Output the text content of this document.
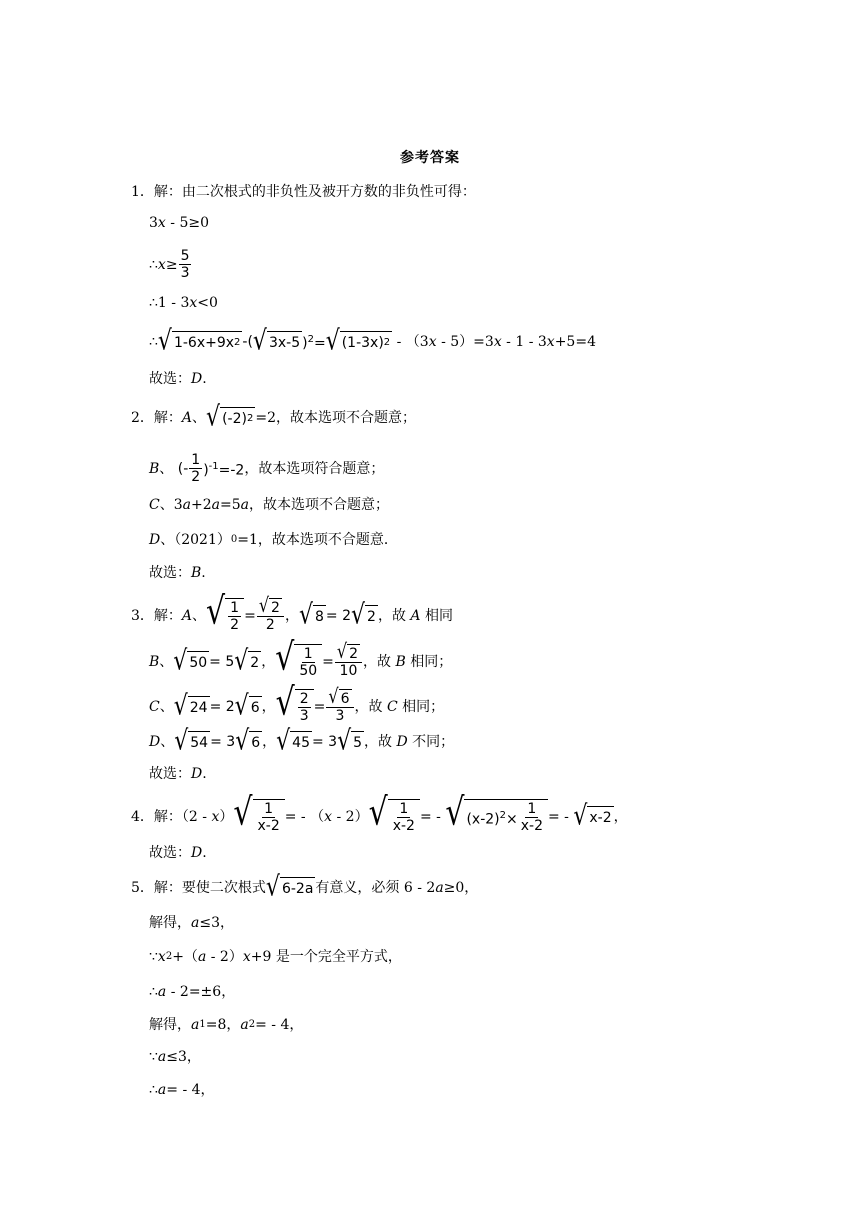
参考答案
1． 解：由二次根式的非负性及被开方数的非负性可得：
3 x - 5≥0
∴x≥ $\frac{5}{3}$
∴1 - 3 x <0
∴ √ 1-6x+9x 2 -( √ 3x-5 )$^2$= √ (1-3x) 2 - （3x - 5）=3x - 1 - 3x+5=4
故选： D .
2． 解：A、 √ (-2) 2 =2，故本选项不合题意；
B、 (- $\frac{1}{2} )^{-1}=-2$ ，故本选项符合题意；
C 、3 a +2 a =5 a ，故本选项不合题意；
D 、（2021） 0 =1，故本选项不合题意．
故选： B .
3． 解：A、 √ $\frac{1}{2} = \frac{√ 2}{2}$ ， √ 8 = 2 √ 2 ，故 A 相同
B、 √ 50 = 5 √ 2 ， √ $\frac{1}{50} = \frac{√ 2}{10}$ ，故 B 相同；
C、 √ 24 = 2 √ 6 ， √ $\frac{2}{3} = \frac{√ 6}{3}$ ，故 C 相同；
D、 √ 54 = 3 √ 6 ， √ 45 = 3 √ 5 ，故 D 不同；
故选： D .
4． 解：（2 - x） √ $\frac{1}{x-2}$ = - （x - 2） √ $\frac{1}{x-2}$ = - √ $(x-2)^2\times \frac{1}{x-2}$ = - √ x-2 ，
故选： D .
5． 解：要使二次根式 √ 6-2a 有意义，必须 6 - 2a≥0，
解得， a ≤3，
∵ x 2 +（ a - 2） x +9 是一个完全平方式，
∴ a - 2=±6，
解得， a 1 =8， a 2 = - 4，
∵ a ≤3，
∴ a = - 4，
